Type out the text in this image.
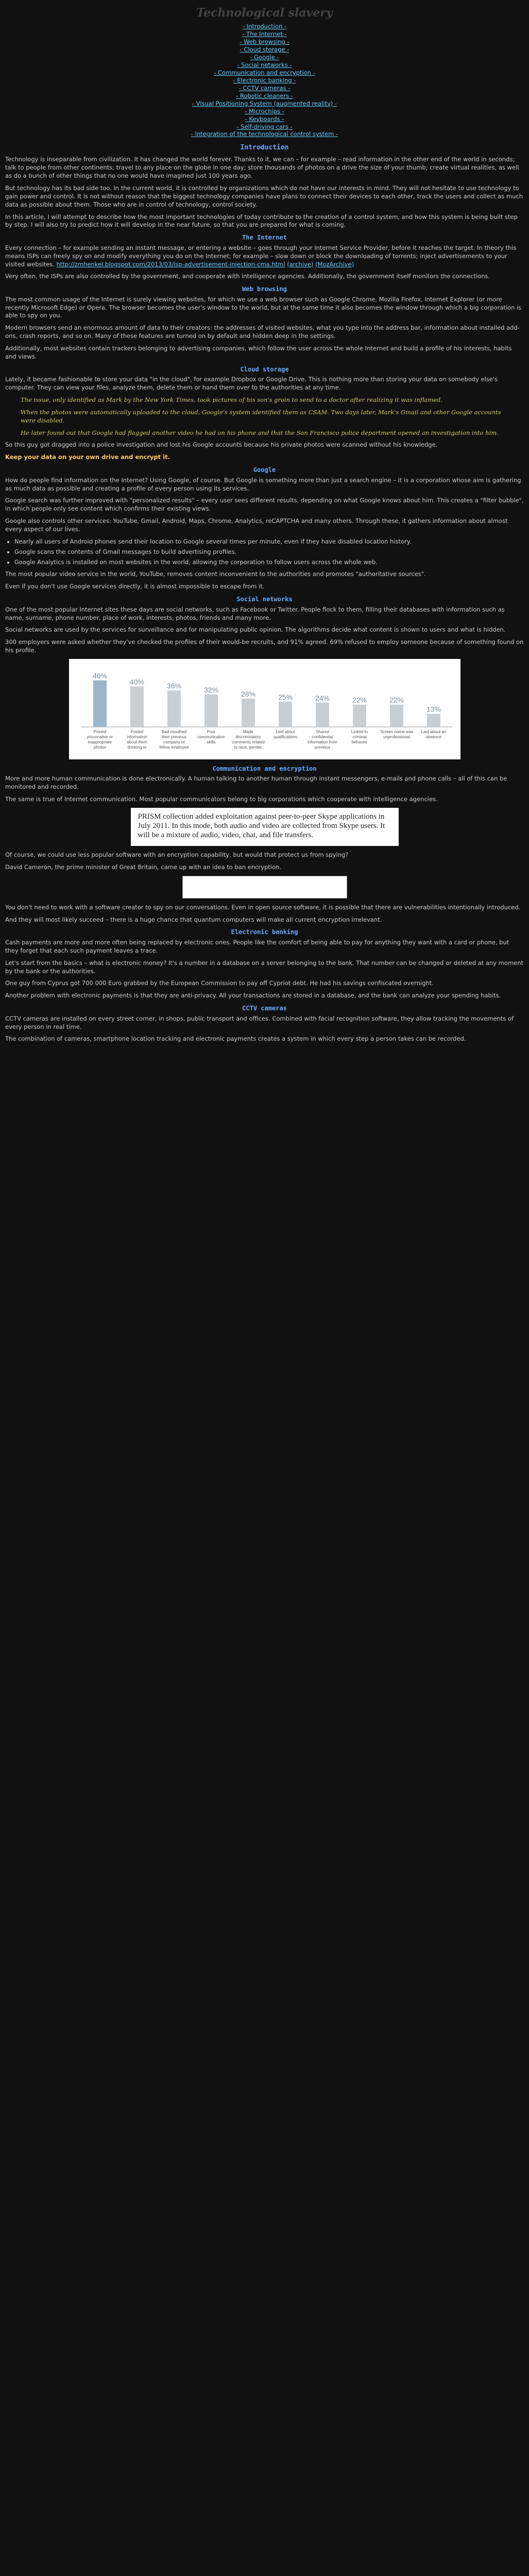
Technological slavery
- Introduction -
- The Internet -
- Web browsing -
- Cloud storage -
- Google -
- Social networks -
- Communication and encryption -
- Electronic banking -
- CCTV cameras -
- Robotic cleaners -
- Visual Positioning System (augmented reality) -
- Microchips -
- Keyboards -
- Self-driving cars -
- Integration of the technological control system -
Introduction

Technology is inseparable from civilization. It has changed the world forever. Thanks to it, we can – for example – read information in the other end of the world in seconds; talk to people from other continents; travel to any place on the globe in one day; store thousands of photos on a drive the size of your thumb; create virtual realities, as well as do a bunch of other things that no one would have imagined just 100 years ago.

But technology has its bad side too. In the current world, it is controlled by organizations which do not have our interests in mind. They will not hesitate to use technology to gain power and control. It is not without reason that the biggest technology companies have plans to connect their devices to each other, track the users and collect as much data as possible about them. Those who are in control of technology, control society.

In this article, I will attempt to describe how the most important technologies of today contribute to the creation of a control system, and how this system is being built step by step. I will also try to predict how it will develop in the near future, so that you are prepared for what is coming.

The Internet

Every connection – for example sending an instant message, or entering a website – goes through your Internet Service Provider, before it reaches the target. In theory this means ISPs can freely spy on and modify everything you do on the Internet; for example – slow down or block the downloading of torrents; inject advertisements to your visited websites. http://zmhenkel.blogspot.com/2013/03/isp-advertisement-injection-cma.html (archive) (MozArchive)

Very often, the ISPs are also controlled by the government, and cooperate with intelligence agencies. Additionally, the government itself monitors the connections.

Web browsing

The most common usage of the Internet is surely viewing websites, for which we use a web browser such as Google Chrome, Mozilla Firefox, Internet Explorer (or more recently Microsoft Edge) or Opera. The browser becomes the user's window to the world, but at the same time it also becomes the window through which a big corporation is able to spy on you.

Modern browsers send an enormous amount of data to their creators: the addresses of visited websites, what you type into the address bar, information about installed add-ons, crash reports, and so on. Many of these features are turned on by default and hidden deep in the settings.

Additionally, most websites contain trackers belonging to advertising companies, which follow the user across the whole Internet and build a profile of his interests, habits and views.

Cloud storage

Lately, it became fashionable to store your data "in the cloud", for example Dropbox or Google Drive. This is nothing more than storing your data on somebody else's computer. They can view your files, analyze them, delete them or hand them over to the authorities at any time.

The issue, only identified as Mark by the New York Times, took pictures of his son's groin to send to a doctor after realizing it was inflamed.
When the photos were automatically uploaded to the cloud, Google's system identified them as CSAM. Two days later, Mark's Gmail and other Google accounts were disabled.
He later found out that Google had flagged another video he had on his phone and that the San Francisco police department opened an investigation into him.

So this guy got dragged into a police investigation and lost his Google accounts because his private photos were scanned without his knowledge.

Keep your data on your own drive and encrypt it.

Google

How do people find information on the Internet? Using Google, of course. But Google is something more than just a search engine – it is a corporation whose aim is gathering as much data as possible and creating a profile of every person using its services.

Google search was further improved with "personalized results" – every user sees different results, depending on what Google knows about him. This creates a "filter bubble", in which people only see content which confirms their existing views.

Google also controls other services: YouTube, Gmail, Android, Maps, Chrome, Analytics, reCAPTCHA and many others. Through these, it gathers information about almost every aspect of our lives.

• Nearly all users of Android phones send their location to Google several times per minute, even if they have disabled location history.
• Google scans the contents of Gmail messages to build advertising profiles.
• Google Analytics is installed on most websites in the world, allowing the corporation to follow users across the whole web.

The most popular video service in the world, YouTube, removes content inconvenient to the authorities and promotes "authoritative sources".

Even if you don't use Google services directly, it is almost impossible to escape from it.

Social networks

One of the most popular Internet sites these days are social networks, such as Facebook or Twitter. People flock to them, filling their databases with information such as name, surname, phone number, place of work, interests, photos, friends and many more.

Social networks are used by the services for surveillance and for manipulating public opinion. The algorithms decide what content is shown to users and what is hidden.

300 employers were asked whether they've checked the profiles of their would-be recruits, and 91% agreed. 69% refused to employ someone because of something found on his profile.

46%
Posted
provocative or
inappropriate
photos
40%
Posted
information
about them
drinking or
36%
Bad-mouthed
their previous
company or
fellow employee
32%
Poor
communication
skills
28%
Made
discriminatory
comments related
to race, gender,
25%
Lied about
qualifications
24%
Shared
confidential
information from
previous
22%
Linked to
criminal
behavior
22%
Screen name was
unprofessional
13%
Lied about an
absence
Communication and encryption

More and more human communication is done electronically. A human talking to another human through instant messengers, e-mails and phone calls – all of this can be monitored and recorded.

The same is true of Internet communication. Most popular communicators belong to big corporations which cooperate with intelligence agencies.

PRISM collection added exploitation against peer-to-peer Skype applications in July 2011. In this mode, both audio and video are collected from Skype users. It will be a mixture of audio, video, chat, and file transfers.

Of course, we could use less popular software with an encryption capability, but would that protect us from spying?

David Cameron, the prime minister of Great Britain, came up with an idea to ban encryption.

You don't need to work with a software creator to spy on our conversations. Even in open source software, it is possible that there are vulnerabilities intentionally introduced.

And they will most likely succeed – there is a huge chance that quantum computers will make all current encryption irrelevant.

Electronic banking

Cash payments are more and more often being replaced by electronic ones. People like the comfort of being able to pay for anything they want with a card or phone, but they forget that each such payment leaves a trace.

Let's start from the basics – what is electronic money? It's a number in a database on a server belonging to the bank. That number can be changed or deleted at any moment by the bank or the authorities.

One guy from Cyprus got 700 000 Euro grabbed by the European Commission to pay off Cypriot debt. He had his savings confiscated overnight.

Another problem with electronic payments is that they are anti-privacy. All your transactions are stored in a database, and the bank can analyze your spending habits.

CCTV cameras

CCTV cameras are installed on every street corner, in shops, public transport and offices. Combined with facial recognition software, they allow tracking the movements of every person in real time.

The combination of cameras, smartphone location tracking and electronic payments creates a system in which every step a person takes can be recorded.
